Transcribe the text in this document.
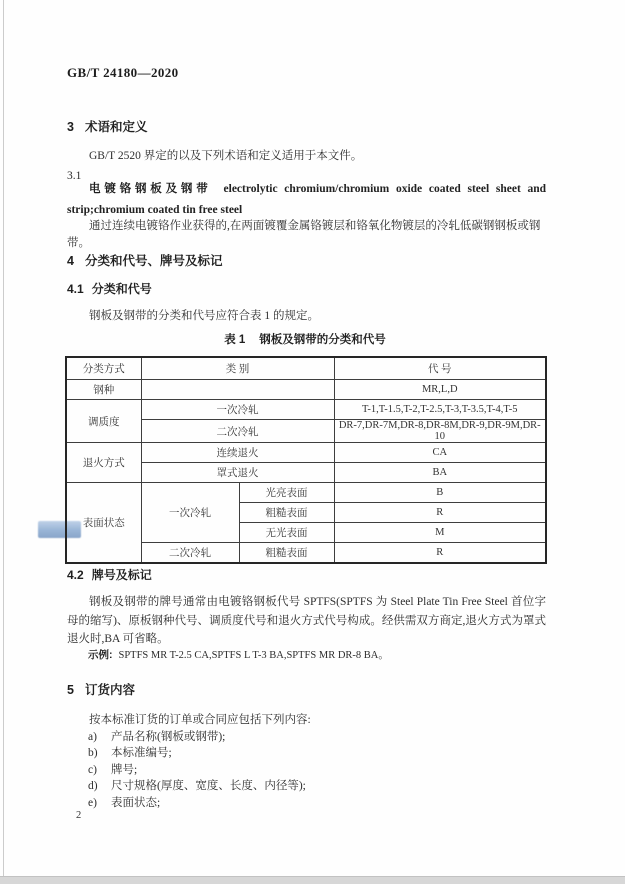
GB/T 24180—2020
3 术语和定义
GB/T 2520 界定的以及下列术语和定义适用于本文件。
3.1
电镀铬钢板及钢带 electrolytic chromium/chromium oxide coated steel sheet and strip;chromium coated tin free steel
通过连续电镀铬作业获得的,在两面镀覆金属铬镀层和铬氧化物镀层的冷轧低碳钢钢板或钢带。
4 分类和代号、牌号及标记
4.1 分类和代号
钢板及钢带的分类和代号应符合表 1 的规定。
表 1 钢板及钢带的分类和代号
分类方式	类 别		代 号
钢种			MR,L,D
调质度	一次冷轧		T-1,T-1.5,T-2,T-2.5,T-3,T-3.5,T-4,T-5
	二次冷轧		DR-7,DR-7M,DR-8,DR-8M,DR-9,DR-9M,DR-10
退火方式	连续退火		CA
	罩式退火		BA
表面状态	一次冷轧	光亮表面	B
		粗糙表面	R
		无光表面	M
	二次冷轧	粗糙表面	R
4.2 牌号及标记
钢板及钢带的牌号通常由电镀铬钢板代号 SPTFS(SPTFS 为 Steel Plate Tin Free Steel 首位字母的缩写)、原板钢种代号、调质度代号和退火方式代号构成。经供需双方商定,退火方式为罩式退火时,BA 可省略。
示例: SPTFS MR T-2.5 CA,SPTFS L T-3 BA,SPTFS MR DR-8 BA。
5 订货内容
按本标准订货的订单或合同应包括下列内容:
a)	产品名称(钢板或钢带);
b)	本标准编号;
c)	牌号;
d)	尺寸规格(厚度、宽度、长度、内径等);
e)	表面状态;
2
